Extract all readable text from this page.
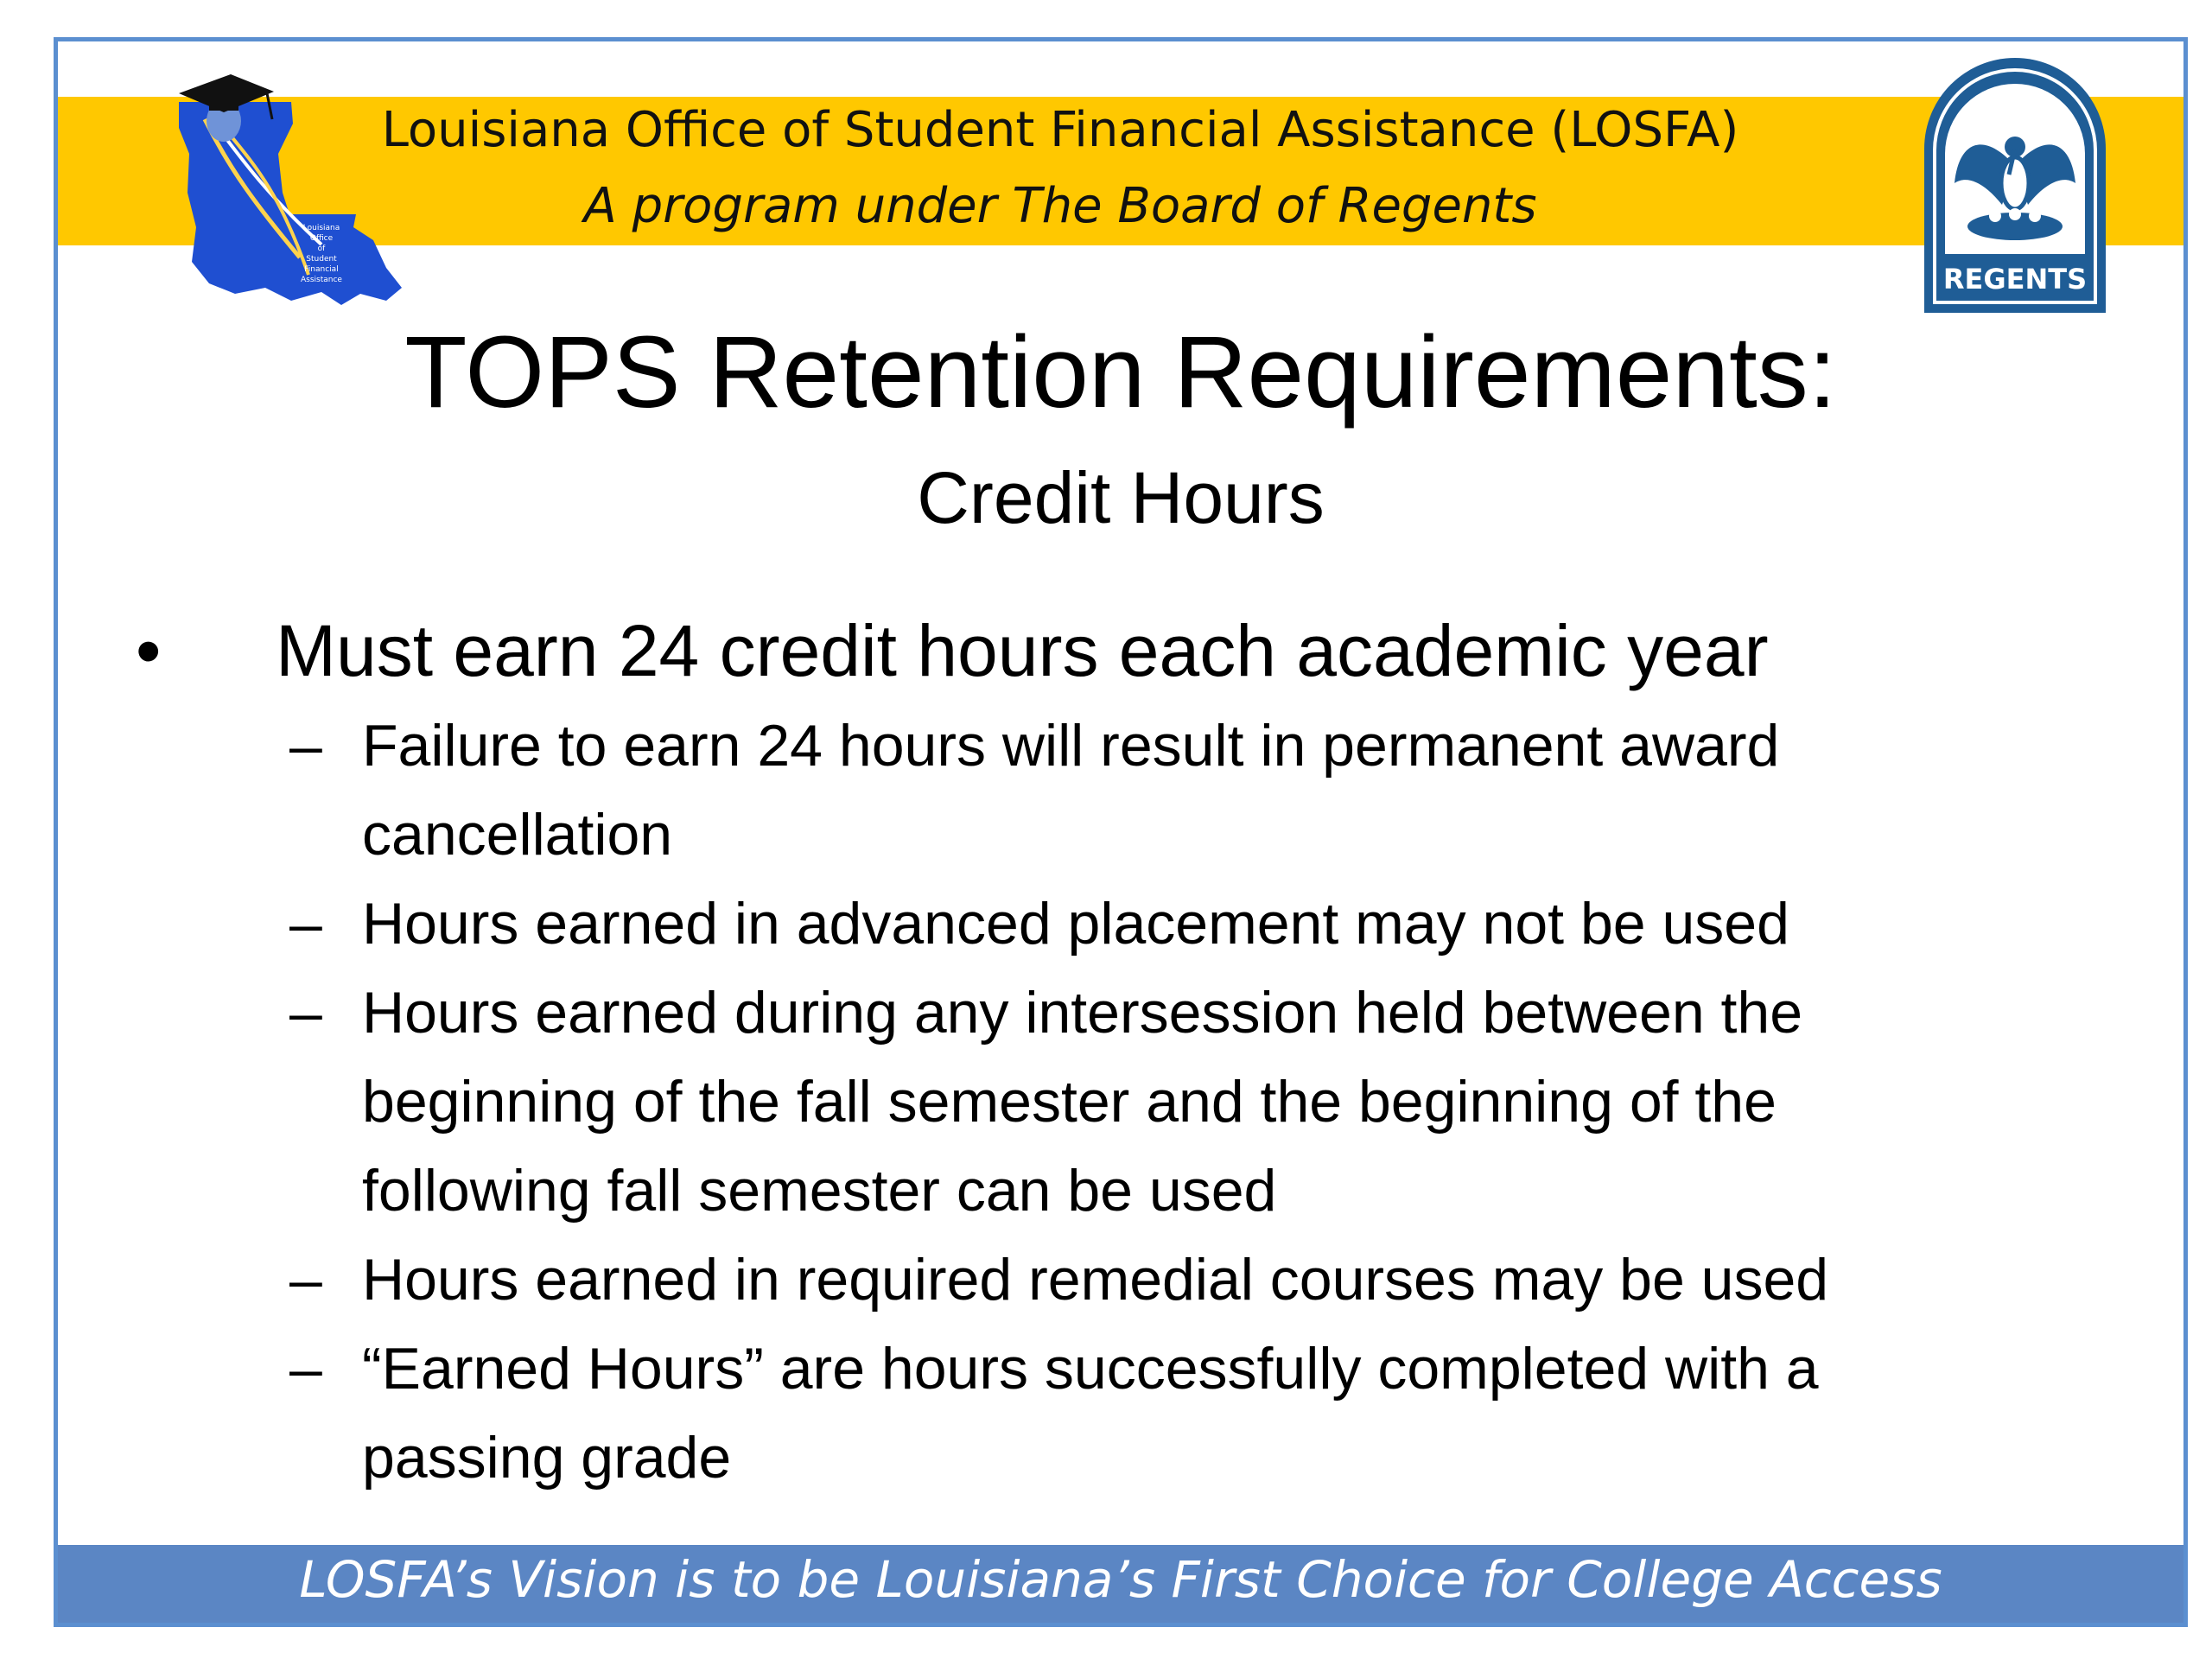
Louisiana
Office
of
Student
Financial
Assistance
Louisiana Office of Student Financial Assistance (LOSFA)
A program under The Board of Regents
REGENTS
TOPS Retention Requirements:
Credit Hours
•	Must earn 24 credit hours each academic year
– Failure to earn 24 hours will result in permanent award cancellation
– Hours earned in advanced placement may not be used
– Hours earned during any intersession held between the beginning of the fall semester and the beginning of the following fall semester can be used
– Hours earned in required remedial courses may be used
– “Earned Hours” are hours successfully completed with a passing grade
LOSFA’s Vision is to be Louisiana’s First Choice for College Access
